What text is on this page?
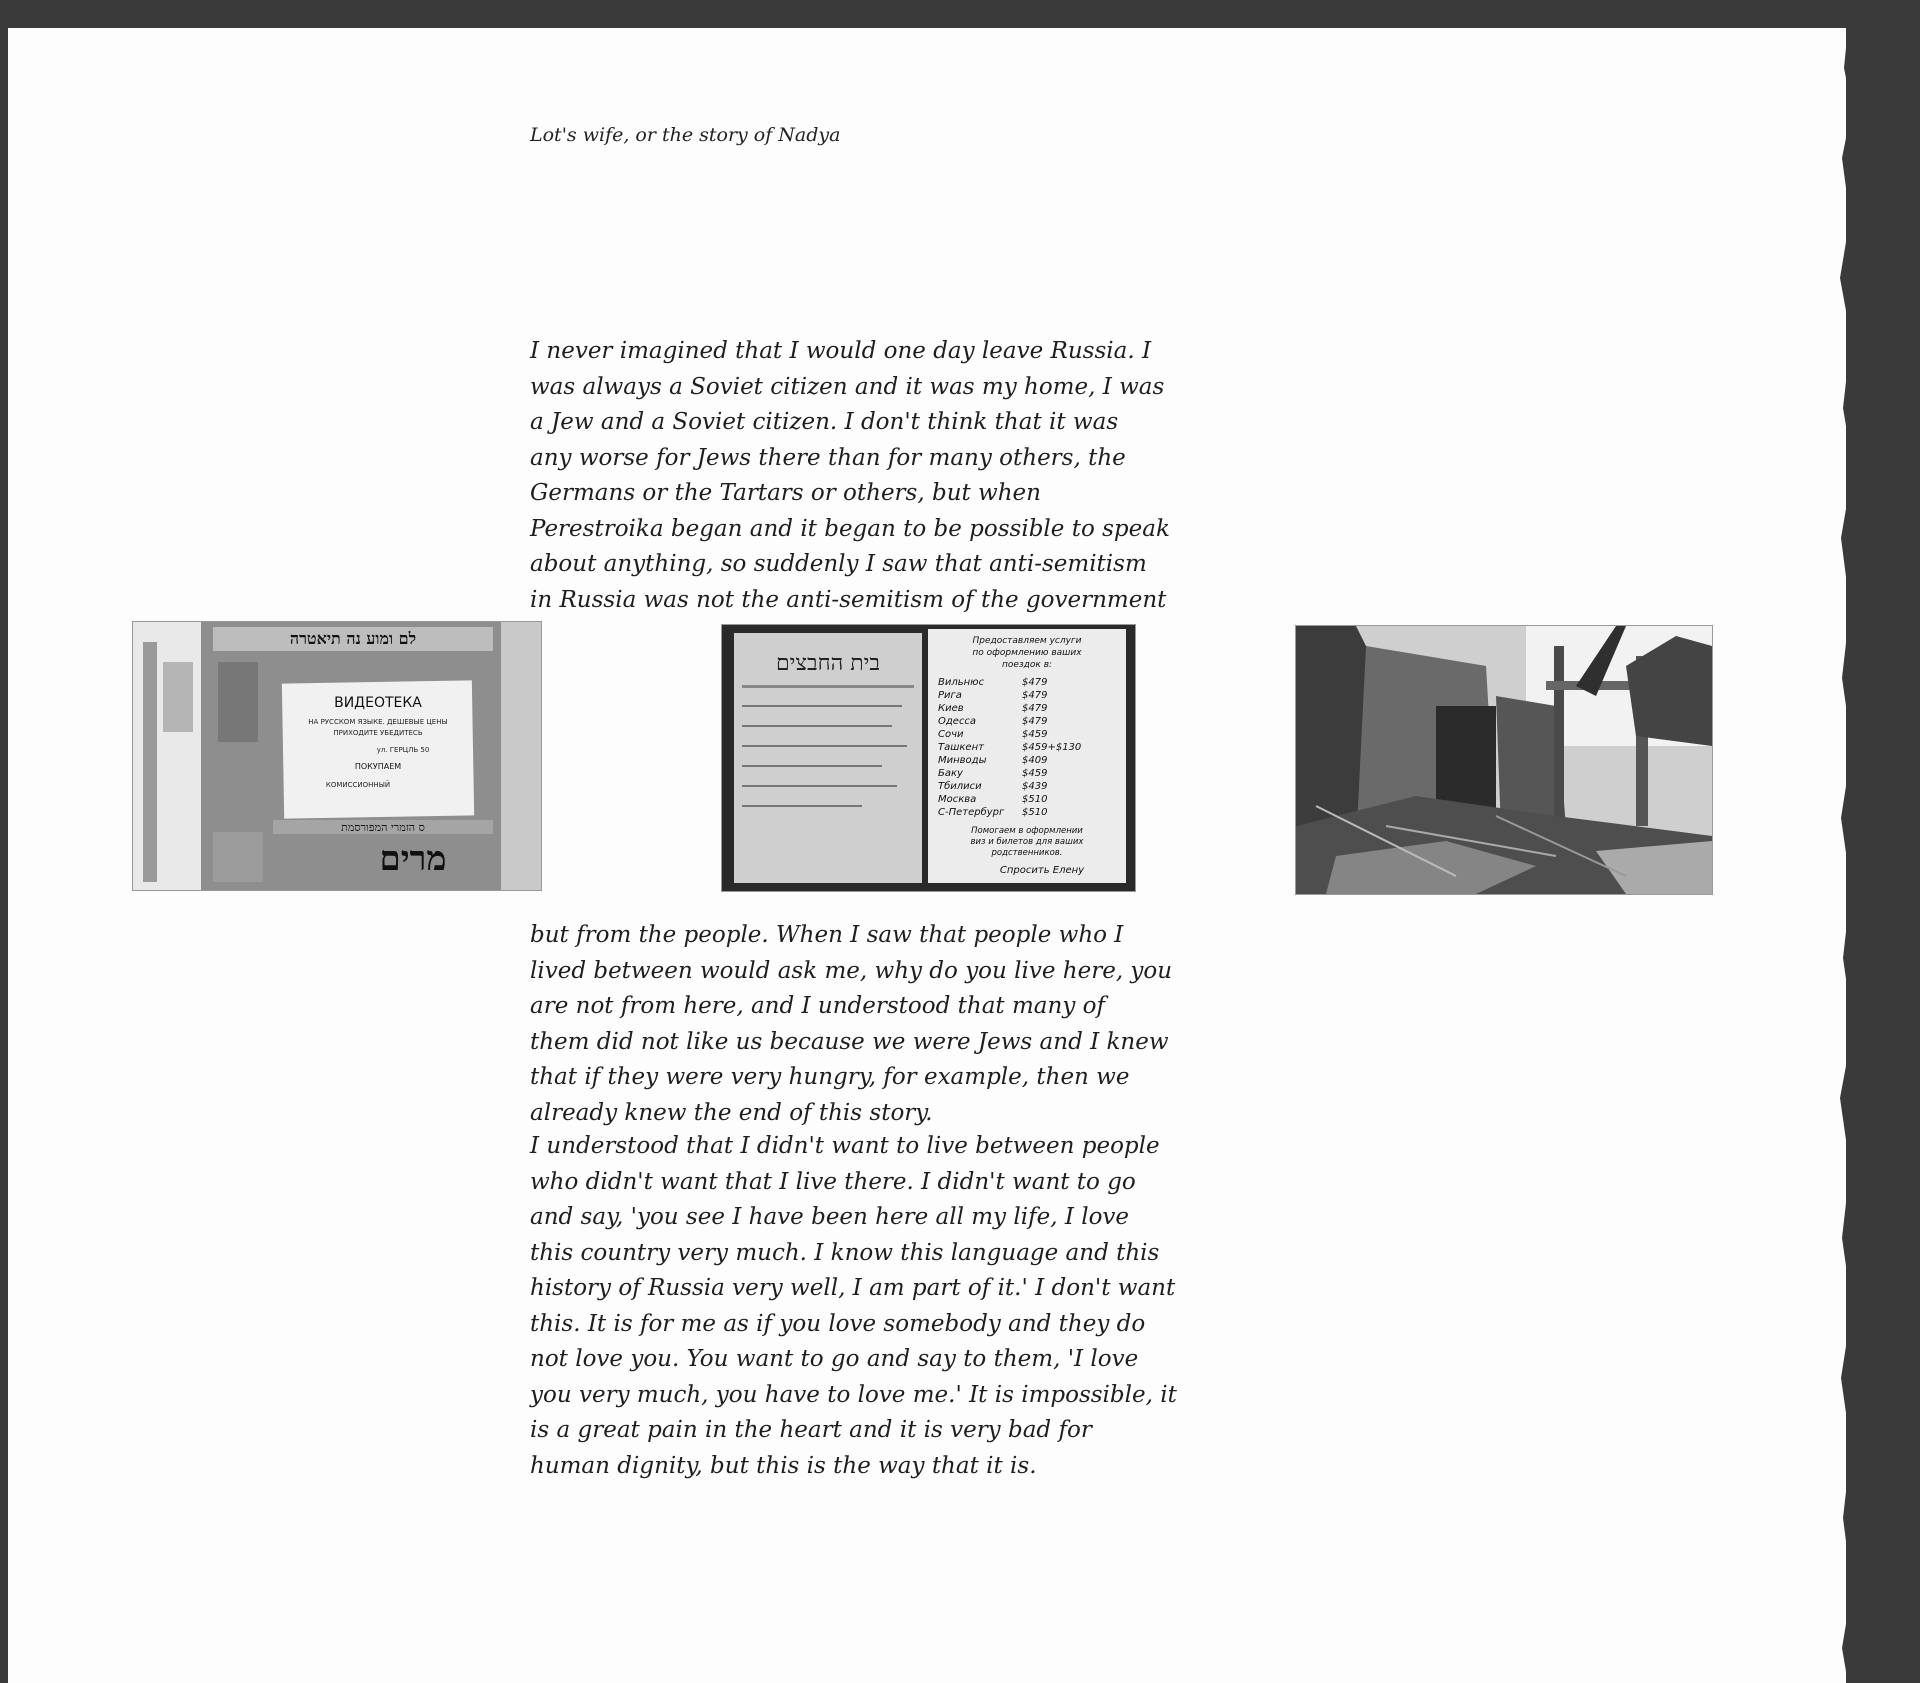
Lot's wife, or the story of Nadya

I never imagined that I would one day leave Russia. I

was always a Soviet citizen and it was my home, I was

a Jew and a Soviet citizen. I don't think that it was

any worse for Jews there than for many others, the

Germans or the Tartars or others, but when

Perestroika began and it began to be possible to speak

about anything, so suddenly I saw that anti-semitism

in Russia was not the anti-semitism of the government

לם ומוע נה תיאטרה
ВИДЕОТЕКА
НА РУССКОМ ЯЗЫКЕ. ДЕШЕВЫЕ ЦЕНЫ
ПРИХОДИТЕ УБЕДИТЕСЬ
ул. ГЕРЦЛЬ 50
ПОКУПАЕМ
КОМИССИОННЫЙ
ס הזמרי המפורסמת
מרים
בית החבצים
Предоставляем услуги
по оформлению ваших
поездок в:
Вильнюс
Рига
Киев
Одесса
Сочи
Ташкент
Минводы
Баку
Тбилиси
Москва
С-Петербург
$479
$479
$479
$479
$459
$459+$130
$409
$459
$439
$510
$510
Помогаем в оформлении
виз и билетов для ваших
родственников.
Спросить Елену

but from the people. When I saw that people who I

lived between would ask me, why do you live here, you

are not from here, and I understood that many of

them did not like us because we were Jews and I knew

that if they were very hungry, for example, then we

already knew the end of this story.

I understood that I didn't want to live between people

who didn't want that I live there. I didn't want to go

and say, 'you see I have been here all my life, I love

this country very much. I know this language and this

history of Russia very well, I am part of it.' I don't want

this. It is for me as if you love somebody and they do

not love you. You want to go and say to them, 'I love

you very much, you have to love me.' It is impossible, it

is a great pain in the heart and it is very bad for

human dignity, but this is the way that it is.
